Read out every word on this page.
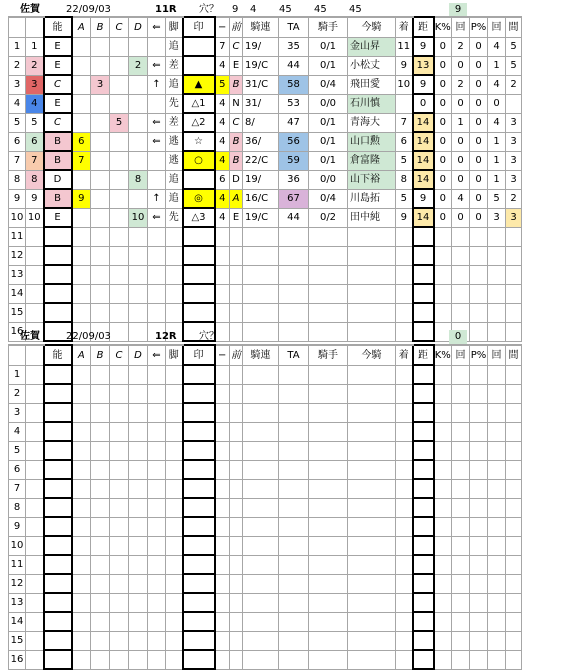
佐賀	22/09/03	11R 穴？ 9 4 45 45 45	9
		能	A	B	C	D	⇐	脚	印	−	前	騎連	TA	騎手	今騎	着	距	K%	回	P%	回	間
1	1	E						追		7	C	19/	35	0/1	金山昇	11	9	0	2	0	4	5
2	2	E				2	⇐	差		4	E	19/C	44	0/1	小松丈	9	13	0	0	0	1	5
3	3	C		3			↑	追	▲	5	B	31/C	58	0/4	飛田愛	10	9	0	2	0	4	2
4	4	E						先	△1	4	N	31/	53	0/0	石川慎		0	0	0	0	0	
5	5	C			5		⇐	差	△2	4	C	8/	47	0/1	青海大	7	14	0	1	0	4	3
6	6	B	6				⇐	逃	☆	4	B	36/	56	0/1	山口勲	6	14	0	0	0	1	3
7	7	B	7					逃	○	4	B	22/C	59	0/1	倉富隆	5	14	0	0	0	1	3
8	8	D				8		追		6	D	19/	36	0/0	山下裕	8	14	0	0	0	1	3
9	9	B	9				↑	追	◎	4	A	16/C	67	0/4	川島拓	5	9	0	4	0	5	2
10	10	E				10	⇐	先	△3	4	E	19/C	44	0/2	田中純	9	14	0	0	0	3	3
11																						
12																						
13																						
14																						
15																						
16																						
佐賀	22/09/03	12R 穴？	0
		能	A	B	C	D	⇐	脚	印	−	前	騎連	TA	騎手	今騎	着	距	K%	回	P%	回	間
1																						
2																						
3																						
4																						
5																						
6																						
7																						
8																						
9																						
10																						
11																						
12																						
13																						
14																						
15																						
16																						
